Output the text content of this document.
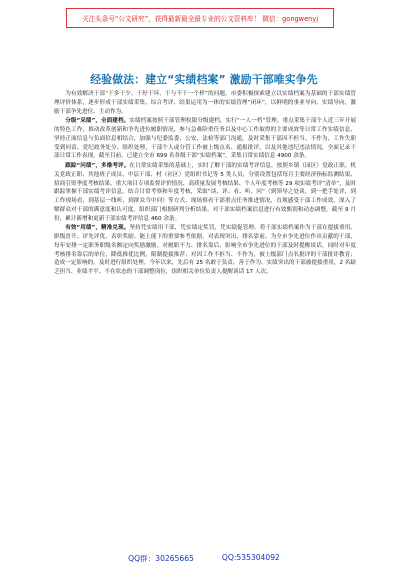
关注头条号“公文研究”，获得最新最全最专业的公文资料库！ 微信：gongwenyj
经验做法：建立“实绩档案” 激励干部唯实争先

为有效解决干部“干多干少、干好干坏、干与不干一个样”的问题，市委积极探索建立以实绩档案为基础的干部实绩管理评价体系，逐步形成干部实绩采集、综合考评、结果运用为一体的实绩管理“闭环”，以鲜明的事业导向、实绩导向，激励干部争先进位、主动作为。

分级“采绩”，全面建档。实绩档案按照干部管理权限分级建档，实行“一人一档”管理。重点采集干部个人近三年开展的特色工作，推动改革创新和争先进位履职情况，参与急难险重任务以及中心工作取得的主要成效等日常工作实绩信息，坚持正面信息与负面信息相结合，加强与纪委监委、公安、法检等部门沟通，及时采集干部因不担当、不作为，工作失职受到问责、党纪政务处分、组织处理，干部个人或分管工作被上级点名、通报批评，以及其他违纪违法情况，全面记录干部日常工作表现。截至目前，已建立全市 699 名各级干部“实绩档案”，采集日常实绩信息 4900 余条。

跟踪“问绩”，多维考评。在日常实绩采集的基础上，实时了解干部的实绩考评信息。按照乡镇（园区）党政正职、机关党政正职、其他班子成员、中层干部、村（社区）党组织书记等 5 类人员，分别设置包括每月主要经济指标监测结果、招商引资季度考核结果、重大项目专项监督评价情况、高质量发展考核结果、个人年度考核等 29 项实绩考评“清单”，及时跟踪掌握干部实绩考评信息。结合日常考察和年度考核，采取“谈、评、看、听、问”（到领导之处谈，到一把手处评，到工作现场看，到基层一线听，到群众当中问）等方式，现场察看干部重点任务推进情况，直观感受干部工作成效，深入了解群众对干部的满意度和认可度。组织部门根据研判分析结果，对干部实绩档案信息进行有效甄别和动态调整。截至 9 月份，累计新增和更新干部实绩考评信息 460 余条。

有效“用绩”，精准兑现。坚持凭实绩用干部，凭实绩定奖罚，凭实绩促管理。将干部实绩档案作为干部在提拔重用、职级晋升、评先评优、表彰奖励、能上能下的重要参考依据。对表现突出、排名靠前、为全市争先进位作出贡献的干部，每年安排一定职务职级名额定向奖励激励。对履职不力、排名靠后、影响全市争先进位的干部及时提醒谈话，同时对年度考核排名靠后的单位，降低推优比例，限制提拔推荐；对因工作不担当、不作为，被上级部门点名批评的干部批评教育；造成一定影响的，及时进行组织处理。今年以来，先后有 25 名敢于负责、善于作为、实绩突出的干部被提拔重用，2 名缺乏担当、业绩平平、不在状态的干部调整岗位，组织相关单位负责人提醒谈话 17 人次。

QQ群：30265665	QQ:535304092
